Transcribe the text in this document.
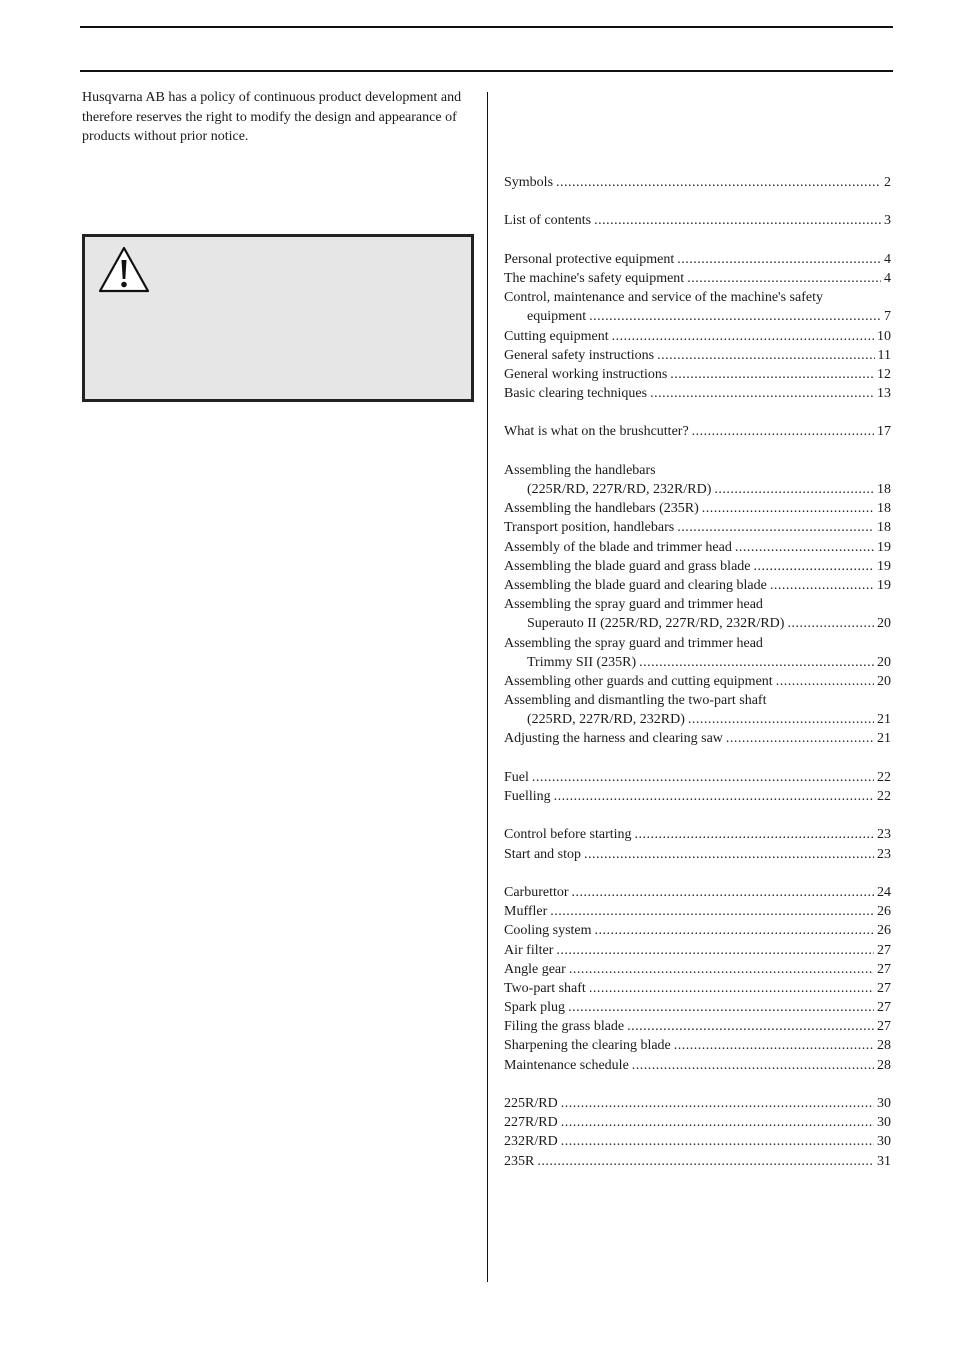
Husqvarna AB has a policy of continuous product development and therefore reserves the right to modify the design and appearance of products without prior notice.

Symbols . . .	2
List of contents . . .	3
Personal protective equipment . . .	4
The machine's safety equipment . . .	4
Control, maintenance and service of the machine's safety
equipment . . .	7
Cutting equipment . . .	10
General safety instructions . . .	11
General working instructions . . .	12
Basic clearing techniques . . .	13
What is what on the brushcutter? . . .	17
Assembling the handlebars
(225R/RD, 227R/RD, 232R/RD) . . .	18
Assembling the handlebars (235R) . . .	18
Transport position, handlebars . . .	18
Assembly of the blade and trimmer head . . .	19
Assembling the blade guard and grass blade . . .	19
Assembling the blade guard and clearing blade . . .	19
Assembling the spray guard and trimmer head
Superauto II (225R/RD, 227R/RD, 232R/RD) . . .	20
Assembling the spray guard and trimmer head
Trimmy SII (235R) . . .	20
Assembling other guards and cutting equipment . . .	20
Assembling and dismantling the two-part shaft
(225RD, 227R/RD, 232RD) . . .	21
Adjusting the harness and clearing saw . . .	21
Fuel . . .	22
Fuelling . . .	22
Control before starting . . .	23
Start and stop . . .	23
Carburettor . . .	24
Muffler . . .	26
Cooling system . . .	26
Air filter . . .	27
Angle gear . . .	27
Two-part shaft . . .	27
Spark plug . . .	27
Filing the grass blade . . .	27
Sharpening the clearing blade . . .	28
Maintenance schedule . . .	28
225R/RD . . .	30
227R/RD . . .	30
232R/RD . . .	30
235R . . .	31
